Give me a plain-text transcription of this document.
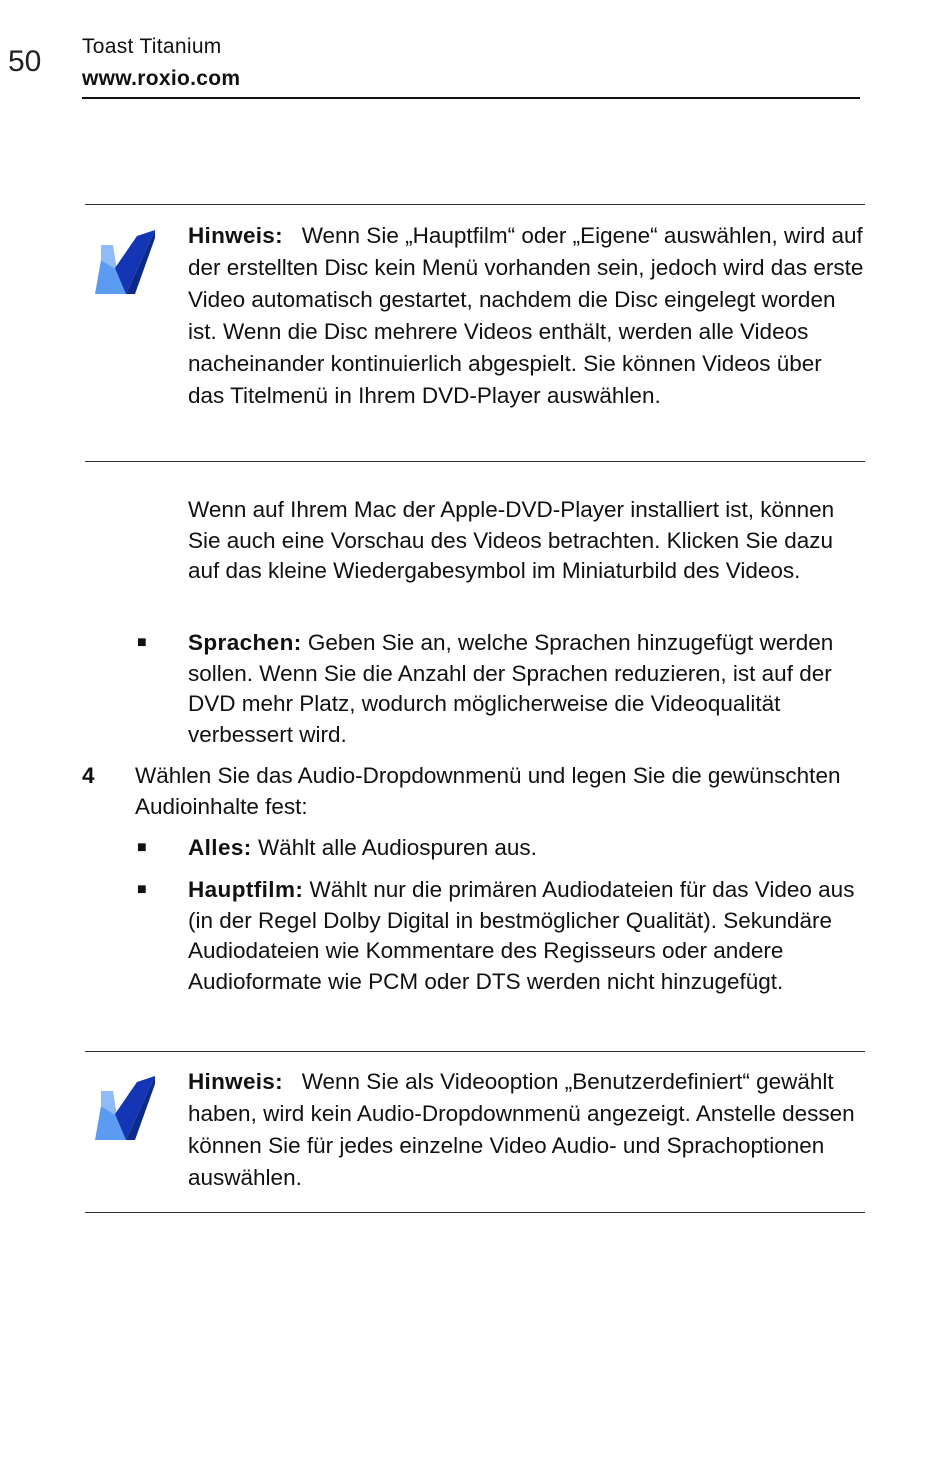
50 Toast Titanium
www.roxio.com
Hinweis: Wenn Sie „Hauptfilm“ oder „Eigene“ auswählen, wird auf der erstellten Disc kein Menü vorhanden sein, jedoch wird das erste Video automatisch gestartet, nachdem die Disc eingelegt worden ist. Wenn die Disc mehrere Videos enthält, werden alle Videos nacheinander kontinuierlich abgespielt. Sie können Videos über das Titelmenü in Ihrem DVD-Player auswählen.
Wenn auf Ihrem Mac der Apple-DVD-Player installiert ist, können Sie auch eine Vorschau des Videos betrachten. Klicken Sie dazu auf das kleine Wiedergabesymbol im Miniaturbild des Videos.
■ Sprachen: Geben Sie an, welche Sprachen hinzugefügt werden sollen. Wenn Sie die Anzahl der Sprachen reduzieren, ist auf der DVD mehr Platz, wodurch möglicherweise die Videoqualität verbessert wird.
4 Wählen Sie das Audio-Dropdownmenü und legen Sie die gewünschten Audioinhalte fest:
■ Alles: Wählt alle Audiospuren aus.
■ Hauptfilm: Wählt nur die primären Audiodateien für das Video aus (in der Regel Dolby Digital in bestmöglicher Qualität). Sekundäre Audiodateien wie Kommentare des Regisseurs oder andere Audioformate wie PCM oder DTS werden nicht hinzugefügt.
Hinweis: Wenn Sie als Videooption „Benutzerdefiniert“ gewählt haben, wird kein Audio-Dropdownmenü angezeigt. Anstelle dessen können Sie für jedes einzelne Video Audio- und Sprachoptionen auswählen.
